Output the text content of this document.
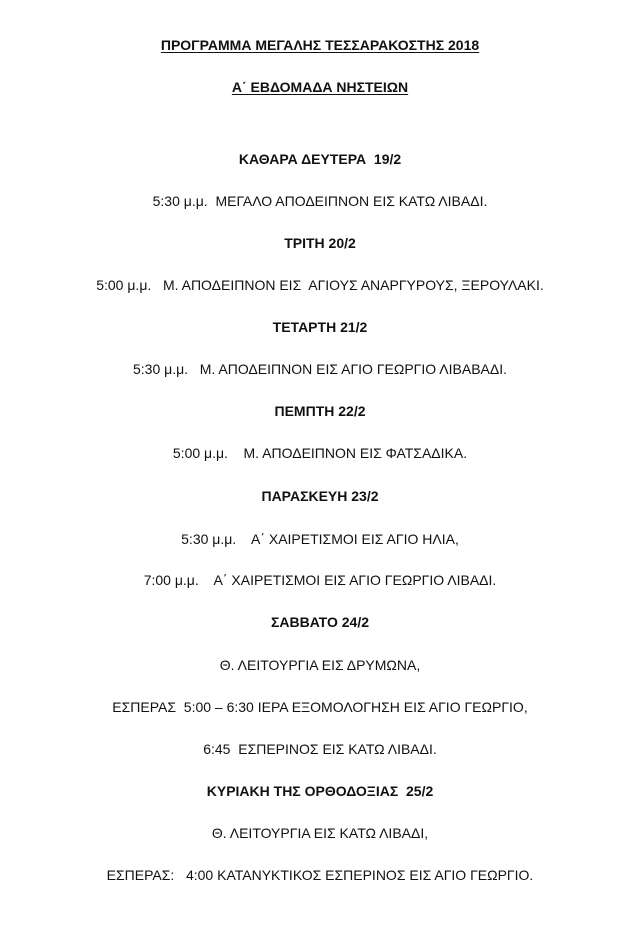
ΠΡΟΓΡΑΜΜΑ ΜΕΓΑΛΗΣ ΤΕΣΣΑΡΑΚΟΣΤΗΣ 2018
Α΄ ΕΒΔΟΜΑΔΑ ΝΗΣΤΕΙΩΝ
ΚΑΘΑΡΑ ΔΕΥΤΕΡΑ  19/2
5:30 μ.μ.  ΜΕΓΑΛΟ ΑΠΟΔΕΙΠΝΟΝ ΕΙΣ ΚΑΤΩ ΛΙΒΑΔΙ.
ΤΡΙΤΗ 20/2
5:00 μ.μ.   Μ. ΑΠΟΔΕΙΠΝΟΝ ΕΙΣ  ΑΓΙΟΥΣ ΑΝΑΡΓΥΡΟΥΣ, ΞΕΡΟΥΛΑΚΙ.
ΤΕΤΑΡΤΗ 21/2
5:30 μ.μ.   Μ. ΑΠΟΔΕΙΠΝΟΝ ΕΙΣ ΑΓΙΟ ΓΕΩΡΓΙΟ ΛΙΒΑΒΑΔΙ.
ΠΕΜΠΤΗ 22/2
5:00 μ.μ.    Μ. ΑΠΟΔΕΙΠΝΟΝ ΕΙΣ ΦΑΤΣΑΔΙΚΑ.
ΠΑΡΑΣΚΕΥΗ 23/2
5:30 μ.μ.    Α΄ ΧΑΙΡΕΤΙΣΜΟΙ ΕΙΣ ΑΓΙΟ ΗΛΙΑ,
7:00 μ.μ.    Α΄ ΧΑΙΡΕΤΙΣΜΟΙ ΕΙΣ ΑΓΙΟ ΓΕΩΡΓΙΟ ΛΙΒΑΔΙ.
ΣΑΒΒΑΤΟ 24/2
Θ. ΛΕΙΤΟΥΡΓΙΑ ΕΙΣ ΔΡΥΜΩΝΑ,
ΕΣΠΕΡΑΣ  5:00 – 6:30 ΙΕΡΑ ΕΞΟΜΟΛΟΓΗΣΗ ΕΙΣ ΑΓΙΟ ΓΕΩΡΓΙΟ,
6:45  ΕΣΠΕΡΙΝΟΣ ΕΙΣ ΚΑΤΩ ΛΙΒΑΔΙ.
ΚΥΡΙΑΚΗ ΤΗΣ ΟΡΘΟΔΟΞΙΑΣ  25/2
Θ. ΛΕΙΤΟΥΡΓΙΑ ΕΙΣ ΚΑΤΩ ΛΙΒΑΔΙ,
ΕΣΠΕΡΑΣ:   4:00 ΚΑΤΑΝΥΚΤΙΚΟΣ ΕΣΠΕΡΙΝΟΣ ΕΙΣ ΑΓΙΟ ΓΕΩΡΓΙΟ.
